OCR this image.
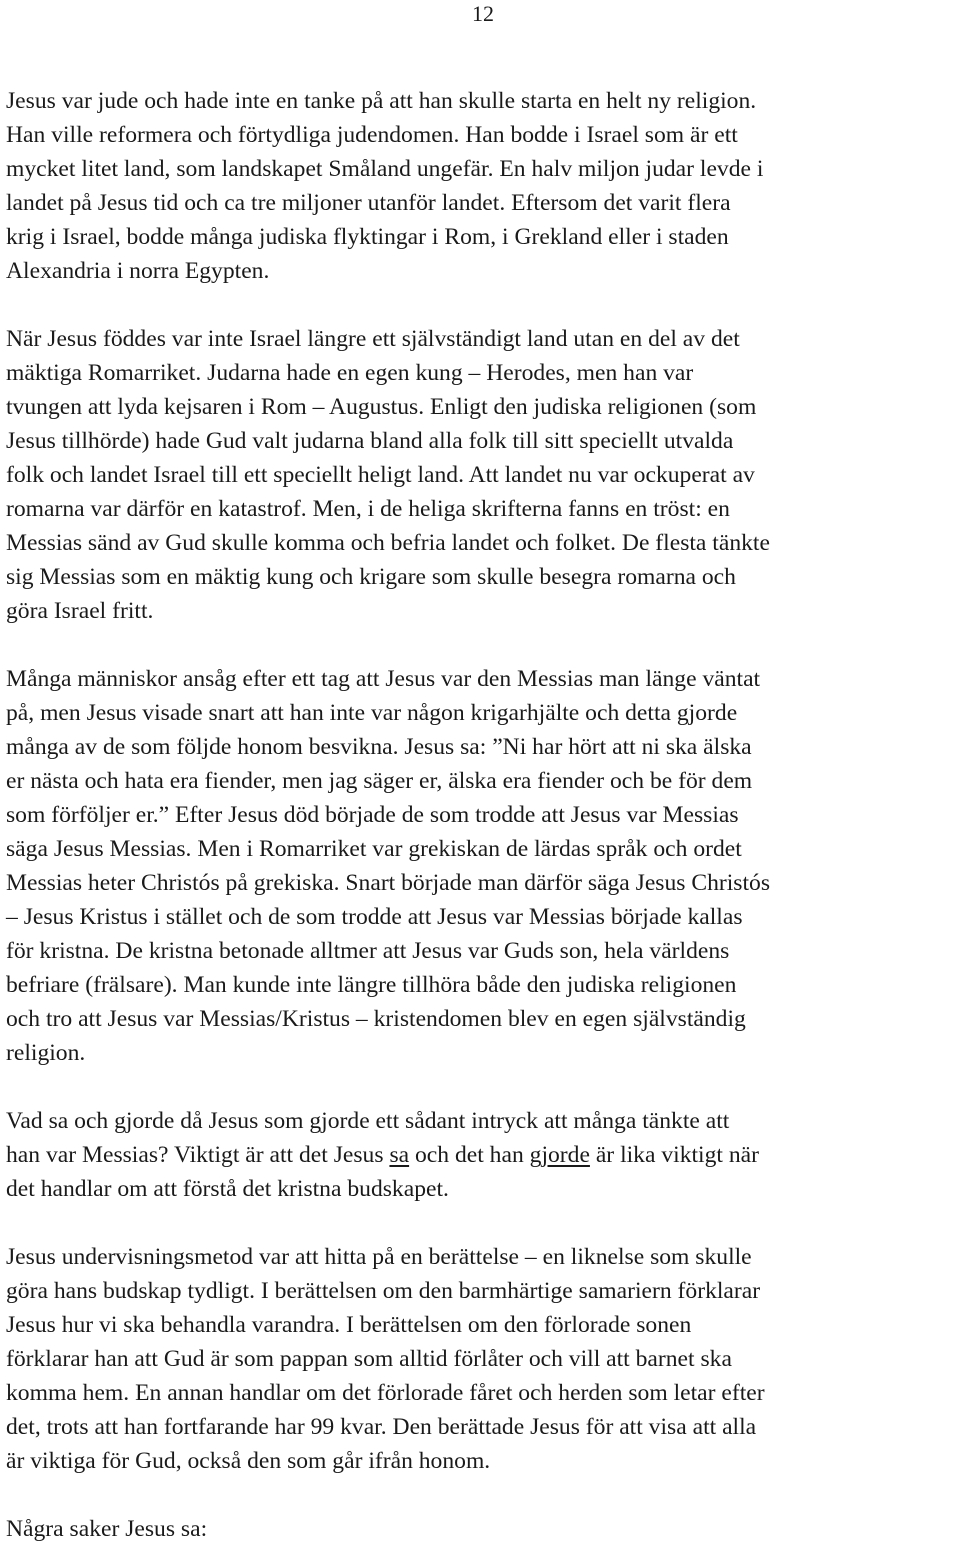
12

Jesus var jude och hade inte en tanke på att han skulle starta en helt ny religion.
Han ville reformera och förtydliga judendomen. Han bodde i Israel som är ett
mycket litet land, som landskapet Småland ungefär. En halv miljon judar levde i
landet på Jesus tid och ca tre miljoner utanför landet. Eftersom det varit flera
krig i Israel, bodde många judiska flyktingar i Rom, i Grekland eller i staden
Alexandria i norra Egypten.

När Jesus föddes var inte Israel längre ett självständigt land utan en del av det
mäktiga Romarriket. Judarna hade en egen kung – Herodes, men han var
tvungen att lyda kejsaren i Rom – Augustus. Enligt den judiska religionen (som
Jesus tillhörde) hade Gud valt judarna bland alla folk till sitt speciellt utvalda
folk och landet Israel till ett speciellt heligt land. Att landet nu var ockuperat av
romarna var därför en katastrof. Men, i de heliga skrifterna fanns en tröst: en
Messias sänd av Gud skulle komma och befria landet och folket. De flesta tänkte
sig Messias som en mäktig kung och krigare som skulle besegra romarna och
göra Israel fritt.

Många människor ansåg efter ett tag att Jesus var den Messias man länge väntat
på, men Jesus visade snart att han inte var någon krigarhjälte och detta gjorde
många av de som följde honom besvikna. Jesus sa: ”Ni har hört att ni ska älska
er nästa och hata era fiender, men jag säger er, älska era fiender och be för dem
som förföljer er.” Efter Jesus död började de som trodde att Jesus var Messias
säga Jesus Messias. Men i Romarriket var grekiskan de lärdas språk och ordet
Messias heter Christós på grekiska. Snart började man därför säga Jesus Christós
– Jesus Kristus i stället och de som trodde att Jesus var Messias började kallas
för kristna. De kristna betonade alltmer att Jesus var Guds son, hela världens
befriare (frälsare). Man kunde inte längre tillhöra både den judiska religionen
och tro att Jesus var Messias/Kristus – kristendomen blev en egen självständig
religion.

Vad sa och gjorde då Jesus som gjorde ett sådant intryck att många tänkte att
han var Messias? Viktigt är att det Jesus sa och det han gjorde är lika viktigt när
det handlar om att förstå det kristna budskapet.

Jesus undervisningsmetod var att hitta på en berättelse – en liknelse som skulle
göra hans budskap tydligt. I berättelsen om den barmhärtige samariern förklarar
Jesus hur vi ska behandla varandra. I berättelsen om den förlorade sonen
förklarar han att Gud är som pappan som alltid förlåter och vill att barnet ska
komma hem. En annan handlar om det förlorade fåret och herden som letar efter
det, trots att han fortfarande har 99 kvar. Den berättade Jesus för att visa att alla
är viktiga för Gud, också den som går ifrån honom.

Några saker Jesus sa:
